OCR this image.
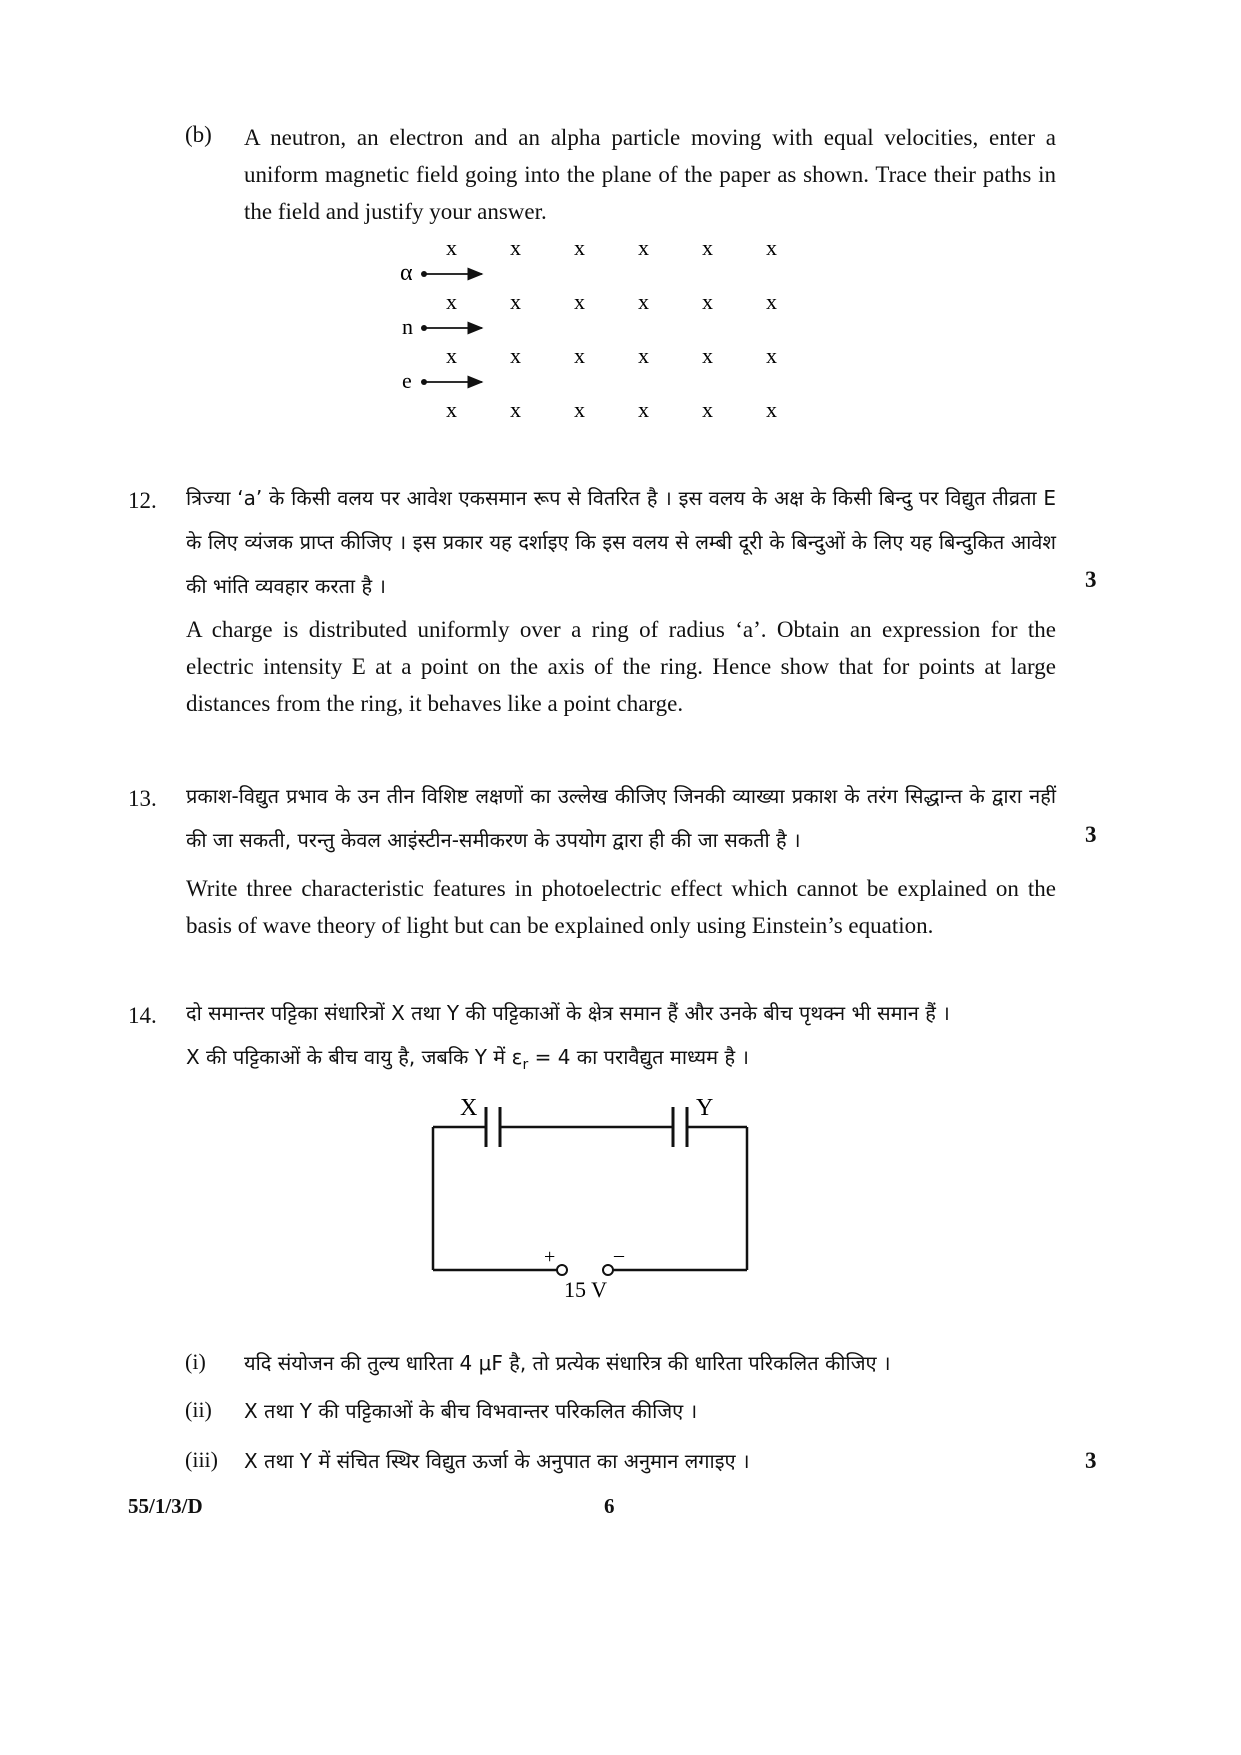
(b) A neutron, an electron and an alpha particle moving with equal velocities, enter a uniform magnetic field going into the plane of the paper as shown. Trace their paths in the field and justify your answer.
x x x x x x
x x x x x x
x x x x x x
x x x x x x
α
n
e
12. त्रिज्या ‘a’ के किसी वलय पर आवेश एकसमान रूप से वितरित है । इस वलय के अक्ष के किसी बिन्दु पर विद्युत तीव्रता E के लिए व्यंजक प्राप्त कीजिए । इस प्रकार यह दर्शाइए कि इस वलय से लम्बी दूरी के बिन्दुओं के लिए यह बिन्दुकित आवेश की भांति व्यवहार करता है ।	3
A charge is distributed uniformly over a ring of radius ‘a’. Obtain an expression for the electric intensity E at a point on the axis of the ring. Hence show that for points at large distances from the ring, it behaves like a point charge.
13. प्रकाश-विद्युत प्रभाव के उन तीन विशिष्ट लक्षणों का उल्लेख कीजिए जिनकी व्याख्या प्रकाश के तरंग सिद्धान्त के द्वारा नहीं की जा सकती, परन्तु केवल आइंस्टीन-समीकरण के उपयोग द्वारा ही की जा सकती है ।	3
Write three characteristic features in photoelectric effect which cannot be explained on the basis of wave theory of light but can be explained only using Einstein’s equation.
14. दो समान्तर पट्टिका संधारित्रों X तथा Y की पट्टिकाओं के क्षेत्र समान हैं और उनके बीच पृथक्न भी समान हैं ।
X की पट्टिकाओं के बीच वायु है, जबकि Y में $\varepsilon_r = 4$ का परावैद्युत माध्यम है ।
X	Y
+	–
15 V
(i) यदि संयोजन की तुल्य धारिता 4 μF है, तो प्रत्येक संधारित्र की धारिता परिकलित कीजिए ।
(ii) X तथा Y की पट्टिकाओं के बीच विभवान्तर परिकलित कीजिए ।
(iii) X तथा Y में संचित स्थिर विद्युत ऊर्जा के अनुपात का अनुमान लगाइए ।	3
55/1/3/D	6
